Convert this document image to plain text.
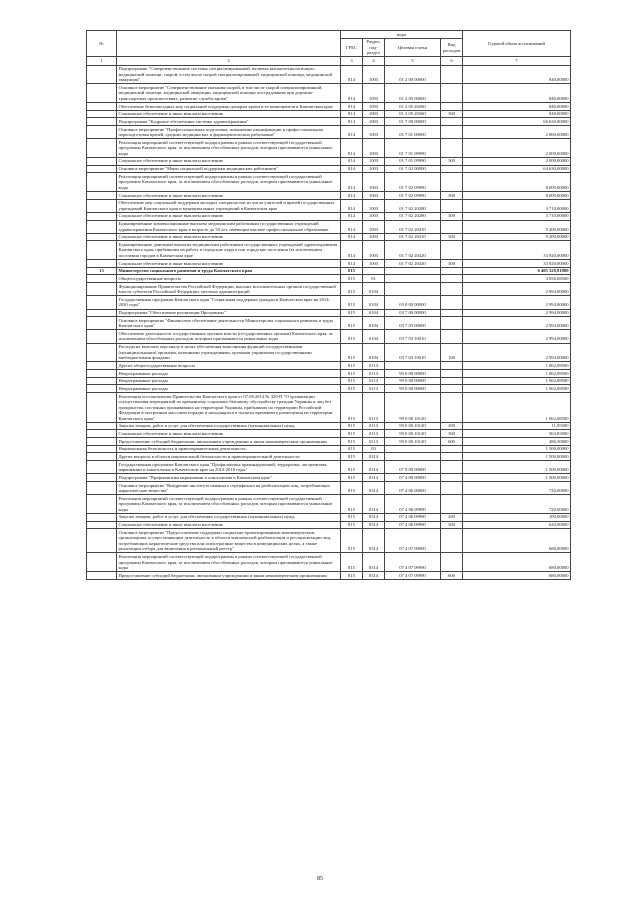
№		коды				Годовой объем ассигнований
		ГРБС	Раздел, под-раздел	Целевая статья	Вид расходов	
1	2	3	4	5	6	7
	Подпрограмма "Совершенствование системы специализированной, включая высокотехнологичную, медицинской помощи, скорой, в том числе скорой специализированной, медицинской помощи, медицинской эвакуации"	814	1003	01 2 00 00000		840,00000
	Основное мероприятие "Совершенствование оказания скорой, в том числе скорой специализированной, медицинской помощи, медицинской эвакуации, медицинской помощи пострадавшим при дорожно-транспортных происшествиях, развитие службы крови"	814	1003	01 2 05 00000		840,00000
	Обеспечение безвозмездных мер социальной поддержки донорам крови и ее компонентов в Камчатском крае	814	1003	01 2 05 20260		840,00000
	Социальное обеспечение и иные выплаты населению	814	1003	01 2 05 20260	300	840,00000
	Подпрограмма "Кадровое обеспечение системы здравоохранения"	814	1003	01 7 00 00000		66 630,00000
	Основное мероприятие "Профессиональная подготовка, повышение квалификации и профессиональная переподготовка врачей, средних медицинских и фармацевтических работников"	814	1003	01 7 01 00000		2 000,00000
	Реализация мероприятий соответствующей подпрограммы в рамках соответствующей государственной программы Камчатского края, за исключением обособленных расходов, которым присваиваются уникальные коды	814	1003	01 7 01 09990		2 000,00000
	Социальное обеспечение и иные выплаты населению	814	1003	01 7 01 09990	300	2 000,00000
	Основное мероприятие "Меры социальной поддержки медицинских работников"	814	1003	01 7 02 00000		64 630,00000
	Реализация мероприятий соответствующей подпрограммы в рамках соответствующей государственной программы Камчатского края, за исключением обособленных расходов, которым присваиваются уникальные коды	814	1003	01 7 02 09990		8 000,00000
	Социальное обеспечение и иные выплаты населению	814	1003	01 7 02 09990	300	8 000,00000
	Обеспечение мер социальной поддержки молодых специалистов из числа учителей и врачей государственных учреждений Камчатского края и муниципальных учреждений в Камчатском крае	814	1003	01 7 02 20280		3 710,00000
	Социальное обеспечение и иные выплаты населению	814	1003	01 7 02 20280	300	3 710,00000
	Единовременные компенсационные выплаты медицинским работникам государственных учреждений здравоохранения Камчатского края в возрасте до 50 лет, имеющим высшее профессиональное образование	814	1003	01 7 02 20410		9 200,00000
	Социальное обеспечение и иные выплаты населению	814	1003	01 7 02 20410	300	9 200,00000
	Единовременные денежные выплаты медицинским работникам государственных учреждений здравоохранения Камчатского края, прибывшим на работу в городские округа или городские поселения (за исключением поселения городов в Камчатском крае	814	1003	01 7 02 20420		33 920,00000
	Социальное обеспечение и иные выплаты населению	814	1003	01 7 02 20420	300	33 920,00000
13	Министерство социального развития и труда Камчатского края	815				6 405 328,81880
	Общегосударственные вопросы	815	01			4 056,08500
	Функционирование Правительства Российской Федерации, высших исполнительных органов государственной власти субъектов Российской Федерации, местных администраций	815	0104			2 994,00000
	Государственная программа Камчатского края "Социальная поддержка граждан в Камчатском крае на 2014-2020 годы"	815	0104	03 0 00 00000		2 994,00000
	Подпрограмма "Обеспечение реализации Программы"	815	0104	03 7 00 00000		2 994,00000
	Основное мероприятие "Финансовое обеспечение деятельности Министерства социального развития и труда Камчатского края"	815	0104	03 7 03 00000		2 994,00000
	Обеспечение деятельности государственных органов власти (государственных органов) Камчатского края, за исключением обособленных расходов, которым присваиваются уникальные коды	815	0104	03 7 03 10010		2 994,00000
	Расходы на выплаты персоналу в целях обеспечения выполнения функций государственными (муниципальными) органами, казенными учреждениями, органами управления государственными внебюджетными фондами	815	0104	03 7 03 10010	100	2 994,00000
	Другие общегосударственные вопросы	815	0113			1 062,08500
	Непрограммные расходы	815	0113	99 0 00 00000		1 062,08500
	Непрограммные расходы	815	0113	99 0 00 00000		1 062,08500
	Непрограммные расходы	815	0113	99 0 00 00000		1 062,08500
	Реализация постановления Правительства Камчатского края от 07.08.2014 № 329-П "О организации осуществления мероприятий по временному социально-бытовому обустройству граждан Украины и лиц без гражданства, постоянно проживавших на территории Украины, прибывших на территорию Российской Федерации в экстренном массовом порядке и находящихся в пунктах временного размещения на территории Камчатского края"	815	0113	99 0 00 10120		1 062,08500
	Закупка товаров, работ и услуг для обеспечения государственных (муниципальных) нужд	815	0113	99 0 00 10120	200	11,95500
	Социальное обеспечение и иные выплаты населению	815	0113	99 0 00 10120	300	563,83000
	Предоставление субсидий бюджетным, автономным учреждениям и иным некоммерческим организациям	815	0113	99 0 00 10120	600	486,30000
	Национальная безопасность и правоохранительная деятельность	815	03			1 500,00000
	Другие вопросы в области национальной безопасности и правоохранительной деятельности	815	0314			1 500,00000
	Государственная программа Камчатского края "Профилактика правонарушений, терроризма, экстремизма, наркомании и алкоголизма в Камчатском крае на 2014-2018 годы"	815	0314	07 0 00 00000		1 500,00000
	Подпрограмма "Профилактика наркомании и алкоголизма в Камчатском крае"	815	0314	07 4 00 00000		1 500,00000
	Основное мероприятие "Внедрение института именного сертификата на реабилитацию лиц, потребляющих наркотические вещества"	815	0314	07 4 06 00000		720,00000
	Реализация мероприятий соответствующей подпрограммы в рамках соответствующей государственной программы Камчатского края, за исключением обособленных расходов, которым присваиваются уникальные коды	815	0314	07 4 06 09990		720,00000
	Закупка товаров, работ и услуг для обеспечения государственных (муниципальных) нужд	815	0314	07 4 06 09990	200	100,00000
	Социальное обеспечение и иные выплаты населению	815	0314	07 4 06 09990	300	620,00000
	Основное мероприятие "Предоставление поддержки социально-ориентированным некоммерческим организациям, осуществляющим деятельность в области комплексной реабилитации и ресоциализации лиц, потребляющих наркотические средства или психотропные вещества в немедицинских целях, а также реализации отбора для включения в региональный реестр"	815	0314	07 4 07 00000		680,00000
	Реализация мероприятий соответствующей подпрограммы в рамках соответствующей государственной программы Камчатского края, за исключением обособленных расходов, которым присваиваются уникальные коды	815	0314	07 4 07 09990		680,00000
	Предоставление субсидий бюджетным, автономным учреждениям и иным некоммерческим организациям	815	0314	07 4 07 09990	600	680,00000
85
